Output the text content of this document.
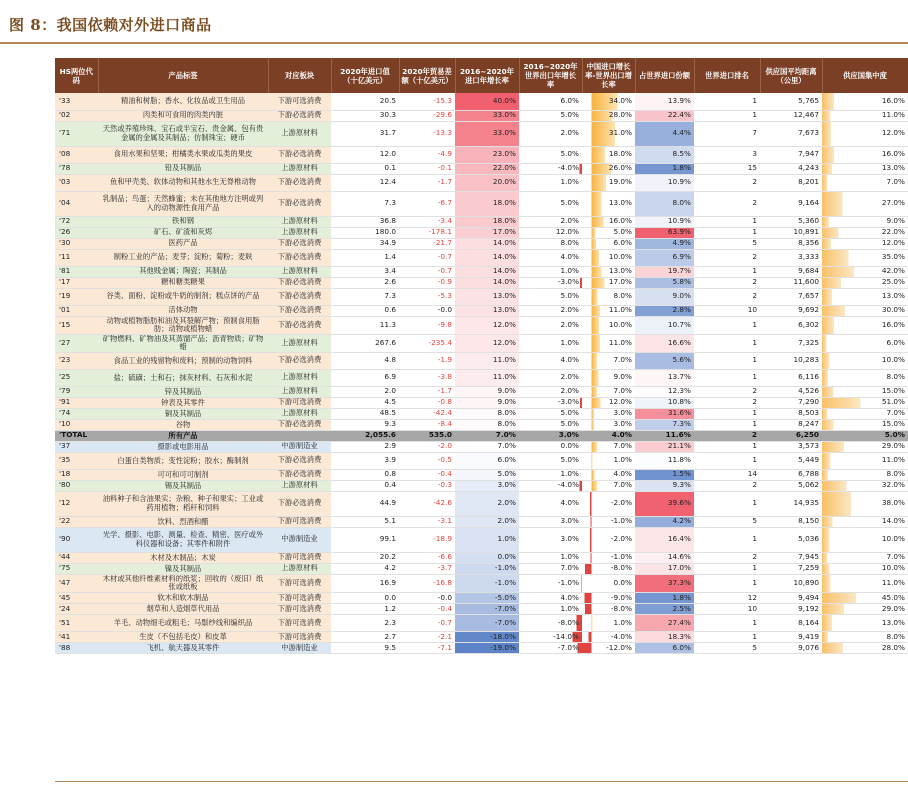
图 8：我国依赖对外进口商品
HS两位代码	产品标签	对应板块	2020年进口值（十亿美元）	2020年贸易差额（十亿美元）	2016~2020年进口年增长率	2016~2020年世界出口年增长率	中国进口增长率-世界出口增长率	占世界进口份额	世界进口排名	供应国平均距离（公里）	供应国集中度
'33	精油和树脂；香水、化妆品或卫生用品	下游可选消费	20.5	-15.3	40.0%	6.0%	34.0%	13.9%	1	5,765	16.0%
'02	肉类和可食用的肉类内脏	下游必选消费	30.3	-29.6	33.0%	5.0%	28.0%	22.4%	1	12,467	11.0%
'71	天然或养殖珍珠、宝石或半宝石、贵金属、包有贵金属的金属及其制品；仿制珠宝；硬币	上游原材料	31.7	-13.3	33.0%	2.0%	31.0%	4.4%	7	7,673	12.0%
'08	食用水果和坚果；柑橘类水果或瓜类的果皮	下游必选消费	12.0	-4.9	23.0%	5.0%	18.0%	8.5%	3	7,947	16.0%
'78	铅及其制品	上游原材料	0.1	-0.1	22.0%	-4.0%	26.0%	1.8%	15	4,243	13.0%
'03	鱼和甲壳类、软体动物和其他水生无脊椎动物	下游必选消费	12.4	-1.7	20.0%	1.0%	19.0%	10.9%	2	8,201	7.0%
'04	乳制品；鸟蛋；天然蜂蜜；未在其他地方注明或列入的动物源性食用产品	下游必选消费	7.3	-6.7	18.0%	5.0%	13.0%	8.0%	2	9,164	27.0%
'72	铁和钢	上游原材料	36.8	-3.4	18.0%	2.0%	16.0%	10.9%	1	5,360	9.0%
'26	矿石、矿渣和灰烬	上游原材料	180.0	-178.1	17.0%	12.0%	5.0%	63.9%	1	10,891	22.0%
'30	医药产品	下游必选消费	34.9	-21.7	14.0%	8.0%	6.0%	4.9%	5	8,356	12.0%
'11	制粉工业的产品；麦芽；淀粉；菊粉；麦麸	下游必选消费	1.4	-0.7	14.0%	4.0%	10.0%	6.9%	2	3,333	35.0%
'81	其他贱金属；陶瓷；其制品	上游原材料	3.4	-0.7	14.0%	1.0%	13.0%	19.7%	1	9,684	42.0%
'17	糖和糖类糖果	下游必选消费	2.6	-0.9	14.0%	-3.0%	17.0%	5.8%	2	11,600	25.0%
'19	谷类、面粉、淀粉或牛奶的制剂；糕点饼的产品	下游必选消费	7.3	-5.3	13.0%	5.0%	8.0%	9.0%	2	7,657	13.0%
'01	活体动物	下游必选消费	0.6	-0.0	13.0%	2.0%	11.0%	2.8%	10	9,692	30.0%
'15	动物或植物脂肪和油及其裂解产物；预制食用脂肪；动物或植物蜡	下游必选消费	11.3	-9.8	12.0%	2.0%	10.0%	10.7%	1	6,302	16.0%
'27	矿物燃料、矿物油及其蒸馏产品；沥青物质；矿物蜡	上游原材料	267.6	-235.4	12.0%	1.0%	11.0%	16.6%	1	7,325	6.0%
'23	食品工业的残留物和废料；预制的动物饲料	下游必选消费	4.8	-1.9	11.0%	4.0%	7.0%	5.6%	1	10,283	10.0%
'25	盐；硫磺；土和石；抹灰材料、石灰和水泥	上游原材料	6.9	-3.8	11.0%	2.0%	9.0%	13.7%	1	6,116	8.0%
'79	锌及其制品	上游原材料	2.0	-1.7	9.0%	2.0%	7.0%	12.3%	2	4,526	15.0%
'91	钟表及其零件	下游可选消费	4.5	-0.8	9.0%	-3.0%	12.0%	10.8%	2	7,290	51.0%
'74	铜及其制品	上游原材料	48.5	-42.4	8.0%	5.0%	3.0%	31.6%	1	8,503	7.0%
'10	谷物	下游必选消费	9.3	-8.4	8.0%	5.0%	3.0%	7.3%	1	8,247	15.0%
'TOTAL	所有产品		2,055.6	535.0	7.0%	3.0%	4.0%	11.6%	2	6,250	5.0%
'37	摄影或电影用品	中游制造业	2.9	-2.0	7.0%	0.0%	7.0%	21.1%	1	3,573	29.0%
'35	白蛋白类物质；变性淀粉；胶水；酶制剂	下游必选消费	3.9	-0.5	6.0%	5.0%	1.0%	11.8%	1	5,449	11.0%
'18	可可和可可制剂	下游必选消费	0.8	-0.4	5.0%	1.0%	4.0%	1.5%	14	6,788	8.0%
'80	锡及其制品	上游原材料	0.4	-0.3	3.0%	-4.0%	7.0%	9.3%	2	5,062	32.0%
'12	油料种子和含油果实；杂粮、种子和果实；工业或药用植物；稻秆和饲料	下游必选消费	44.9	-42.6	2.0%	4.0%	-2.0%	39.6%	1	14,935	38.0%
'22	饮料、烈酒和醋	下游可选消费	5.1	-3.1	2.0%	3.0%	-1.0%	4.2%	5	8,150	14.0%
'90	光学、摄影、电影、测量、检查、精密、医疗或外科仪器和设备；其零件和附件	中游制造业	99.1	-18.9	1.0%	3.0%	-2.0%	16.4%	1	5,036	10.0%
'44	木材及木制品；木炭	下游可选消费	20.2	-6.6	0.0%	1.0%	-1.0%	14.6%	2	7,945	7.0%
'75	镍及其制品	上游原材料	4.2	-3.7	-1.0%	7.0%	-8.0%	17.0%	1	7,259	10.0%
'47	木材或其他纤维素材料的纸浆；回收的（废旧）纸张或纸板	下游可选消费	16.9	-16.8	-1.0%	-1.0%	0.0%	37.3%	1	10,890	11.0%
'45	软木和软木制品	下游可选消费	0.0	-0.0	-5.0%	4.0%	-9.0%	1.8%	12	9,494	45.0%
'24	烟草和人造烟草代用品	下游可选消费	1.2	-0.4	-7.0%	1.0%	-8.0%	2.5%	10	9,192	29.0%
'51	羊毛、动物细毛或粗毛；马鬃纱线和编织品	下游可选消费	2.3	-0.7	-7.0%	-8.0%	1.0%	27.4%	1	8,164	13.0%
'41	生皮（不包括毛皮）和皮革	下游可选消费	2.7	-2.1	-18.0%	-14.0%	-4.0%	18.3%	1	9,419	8.0%
'88	飞机、航天器及其零件	中游制造业	9.5	-7.1	-19.0%	-7.0%	-12.0%	6.0%	5	9,076	28.0%
